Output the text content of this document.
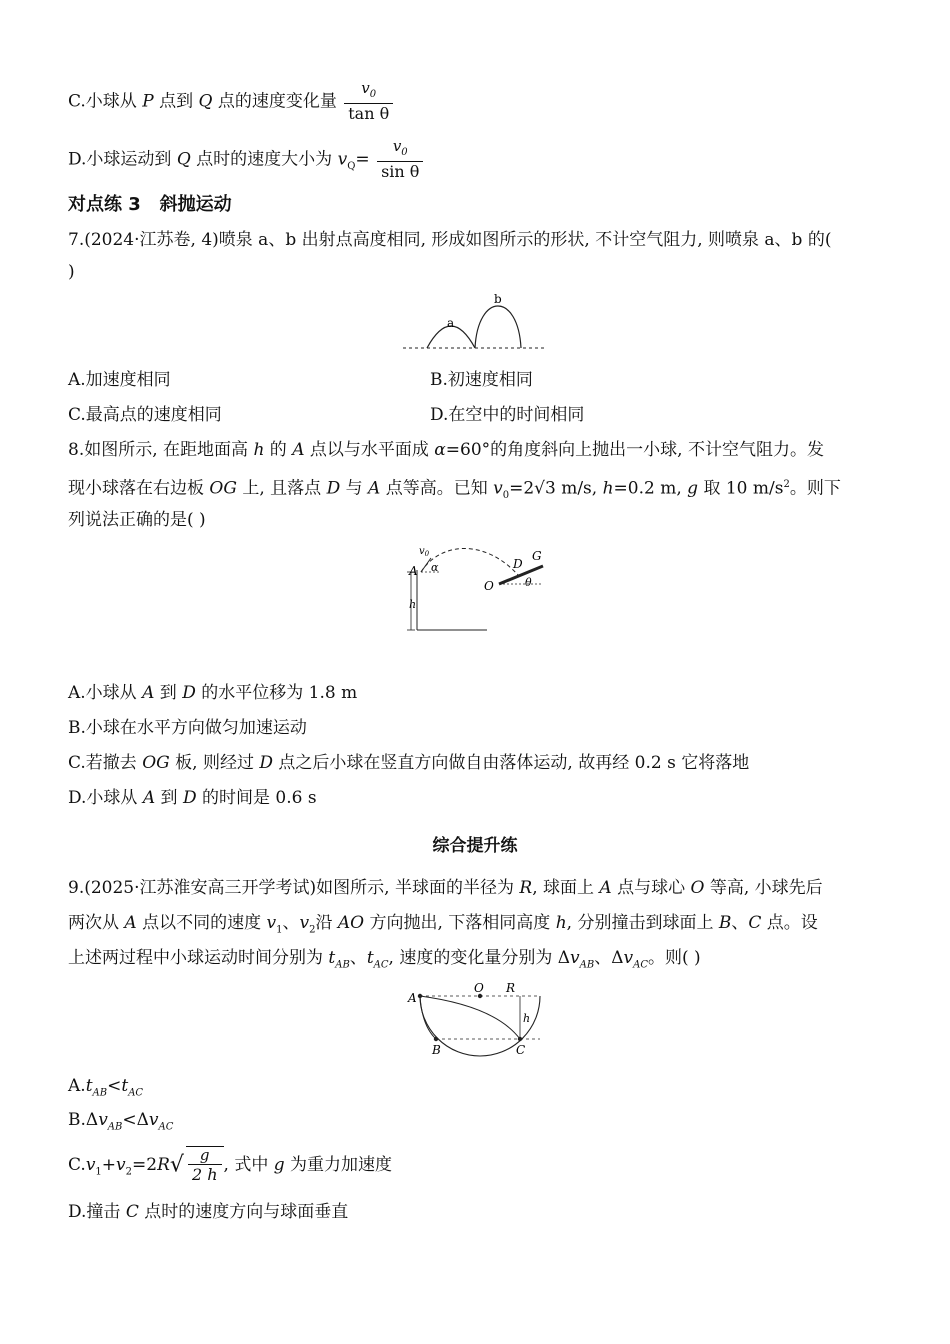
C.小球从 P 点到 Q 点的速度变化量 $\frac{v_0}{\text{tan θ}}$
D.小球运动到 Q 点时的速度大小为 $v_Q= \frac{v_0}{\text{sin θ}}$
对点练 3 斜抛运动
7.(2024·江苏卷, 4)喷泉 a、b 出射点高度相同, 形成如图所示的形状, 不计空气阻力, 则喷泉 a、b 的(
)
a
b
A.加速度相同	B.初速度相同
C.最高点的速度相同	D.在空中的时间相同
8.如图所示, 在距地面高 h 的 A 点以与水平面成 α=60°的角度斜向上抛出一小球, 不计空气阻力。发
现小球落在右边板 OG 上, 且落点 D 与 A 点等高。已知 $v_0=2√3$ m/s, h=0.2 m, g 取 10 $m/s^2$。则下
列说法正确的是( )
$v_0$
A α
h
D
G
O	θ
A.小球从 A 到 D 的水平位移为 1.8 m
B.小球在水平方向做匀加速运动
C.若撤去 OG 板, 则经过 D 点之后小球在竖直方向做自由落体运动, 故再经 0.2 s 它将落地
D.小球从 A 到 D 的时间是 0.6 s
综合提升练
9.(2025·江苏淮安高三开学考试)如图所示, 半球面的半径为 R, 球面上 A 点与球心 O 等高, 小球先后
两次从 A 点以不同的速度 $v_1$、$v_2$沿 AO 方向抛出, 下落相同高度 h, 分别撞击到球面上 B、C 点。设
上述两过程中小球运动时间分别为 $t_{AB}$、$t_{AC}$, 速度的变化量分别为 $\Delta v_{AB}$、$\Delta v_{AC}$。则( )
A
O R
h
B	C
$A.t_{AB}<t_{AC}$
$B.\Delta v_{AB}<\Delta v_{AC}$
$C.v_1+v_2=2R√ \frac{g}{2 h}$ , 式中 g 为重力加速度
D.撞击 C 点时的速度方向与球面垂直
